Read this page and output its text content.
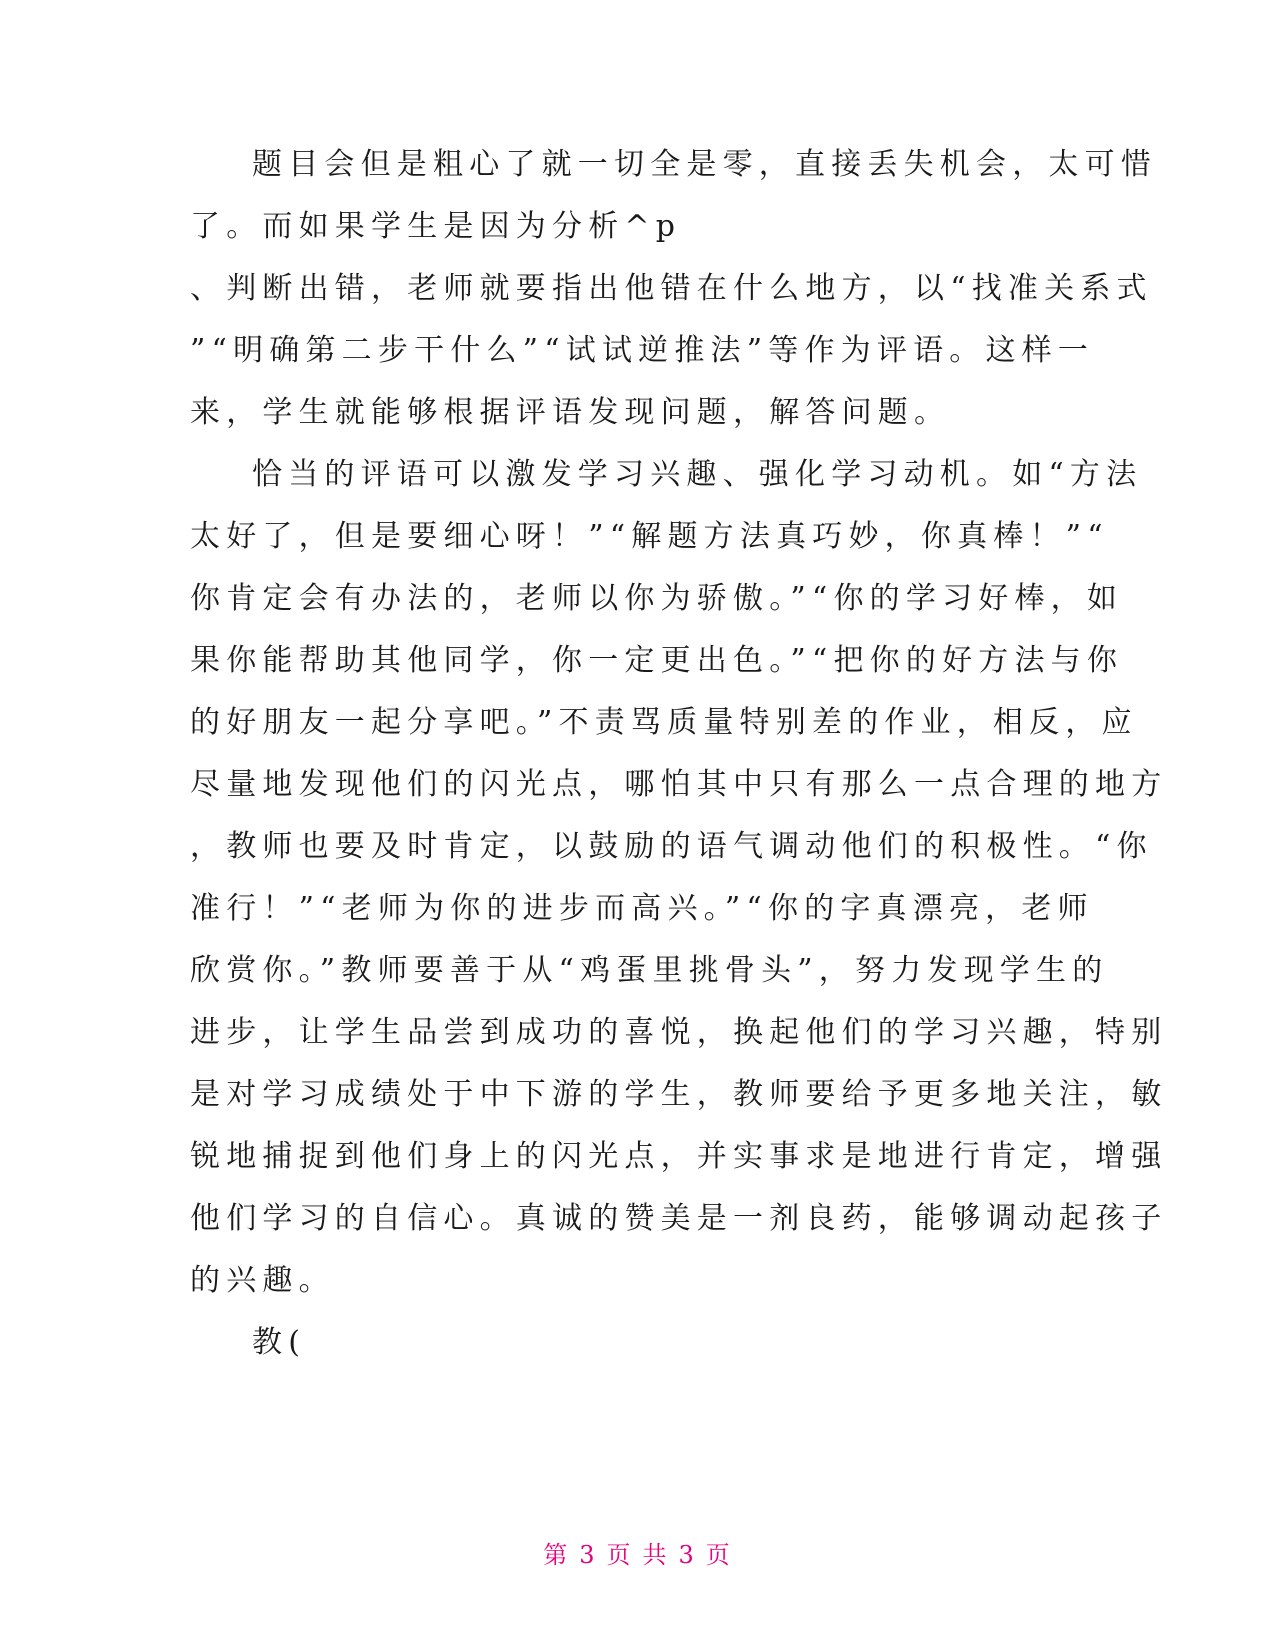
题目会但是粗心了就一切全是零，直接丢失机会，太可惜
了。而如果学生是因为分析^p
、判断出错，老师就要指出他错在什么地方，以“找准关系式
”“明确第二步干什么”“试试逆推法”等作为评语。这样一
来，学生就能够根据评语发现问题，解答问题。
恰当的评语可以激发学习兴趣、强化学习动机。如“方法
太好了，但是要细心呀！”“解题方法真巧妙，你真棒！”“
你肯定会有办法的，老师以你为骄傲。”“你的学习好棒，如
果你能帮助其他同学，你一定更出色。”“把你的好方法与你
的好朋友一起分享吧。”不责骂质量特别差的作业，相反，应
尽量地发现他们的闪光点，哪怕其中只有那么一点合理的地方
，教师也要及时肯定，以鼓励的语气调动他们的积极性。“你
准行！”“老师为你的进步而高兴。”“你的字真漂亮，老师
欣赏你。”教师要善于从“鸡蛋里挑骨头”，努力发现学生的
进步，让学生品尝到成功的喜悦，换起他们的学习兴趣，特别
是对学习成绩处于中下游的学生，教师要给予更多地关注，敏
锐地捕捉到他们身上的闪光点，并实事求是地进行肯定，增强
他们学习的自信心。真诚的赞美是一剂良药，能够调动起孩子
的兴趣。
教(
第 3 页 共 3 页
